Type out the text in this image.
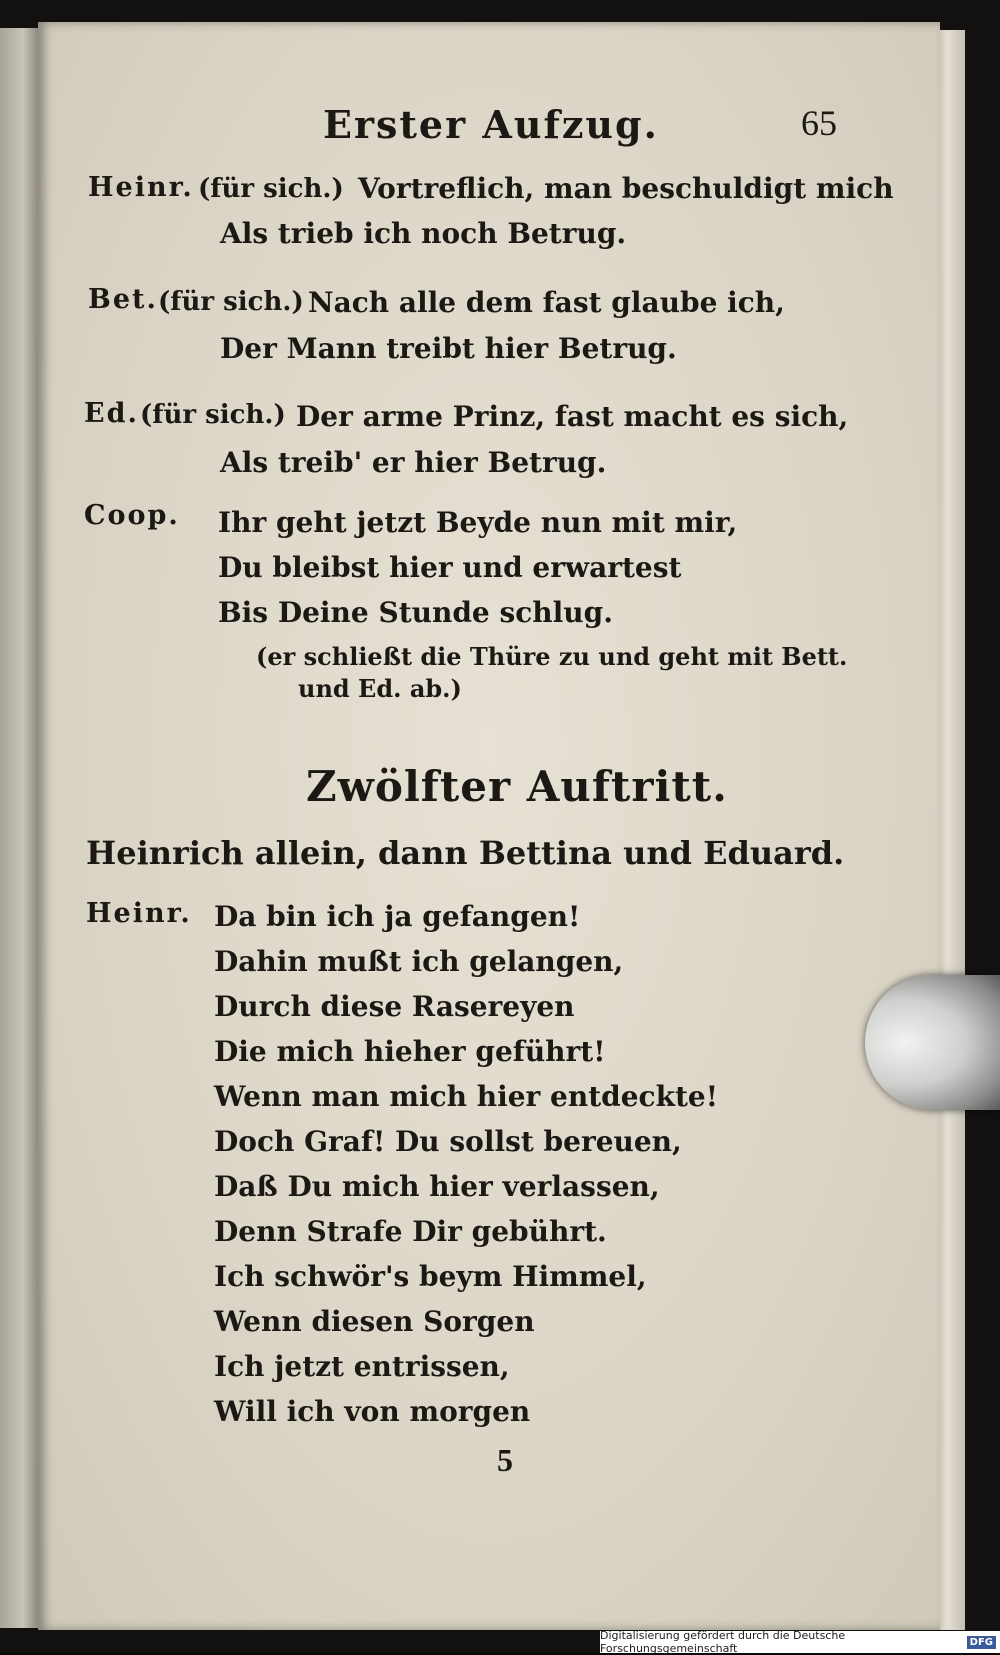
Erster Aufzug.	65
Heinr. (für sich.) Vortreflich, man beschuldigt mich
Als trieb ich noch Betrug.
Bet. (für sich.) Nach alle dem fast glaube ich,
Der Mann treibt hier Betrug.
Ed. (für sich.) Der arme Prinz, fast macht es sich,
Als treib' er hier Betrug.
Coop. Ihr geht jetzt Beyde nun mit mir,
Du bleibst hier und erwartest
Bis Deine Stunde schlug.
(er schließt die Thüre zu und geht mit Bett.
und Ed. ab.)
Zwölfter Auftritt.
Heinrich allein, dann Bettina und Eduard.
Heinr. Da bin ich ja gefangen!
Dahin mußt ich gelangen,
Durch diese Rasereyen
Die mich hieher geführt!
Wenn man mich hier entdeckte!
Doch Graf! Du sollst bereuen,
Daß Du mich hier verlassen,
Denn Strafe Dir gebührt.
Ich schwör's beym Himmel,
Wenn diesen Sorgen
Ich jetzt entrissen,
Will ich von morgen
5
Digitalisierung gefördert durch die Deutsche Forschungsgemeinschaft	DFG
